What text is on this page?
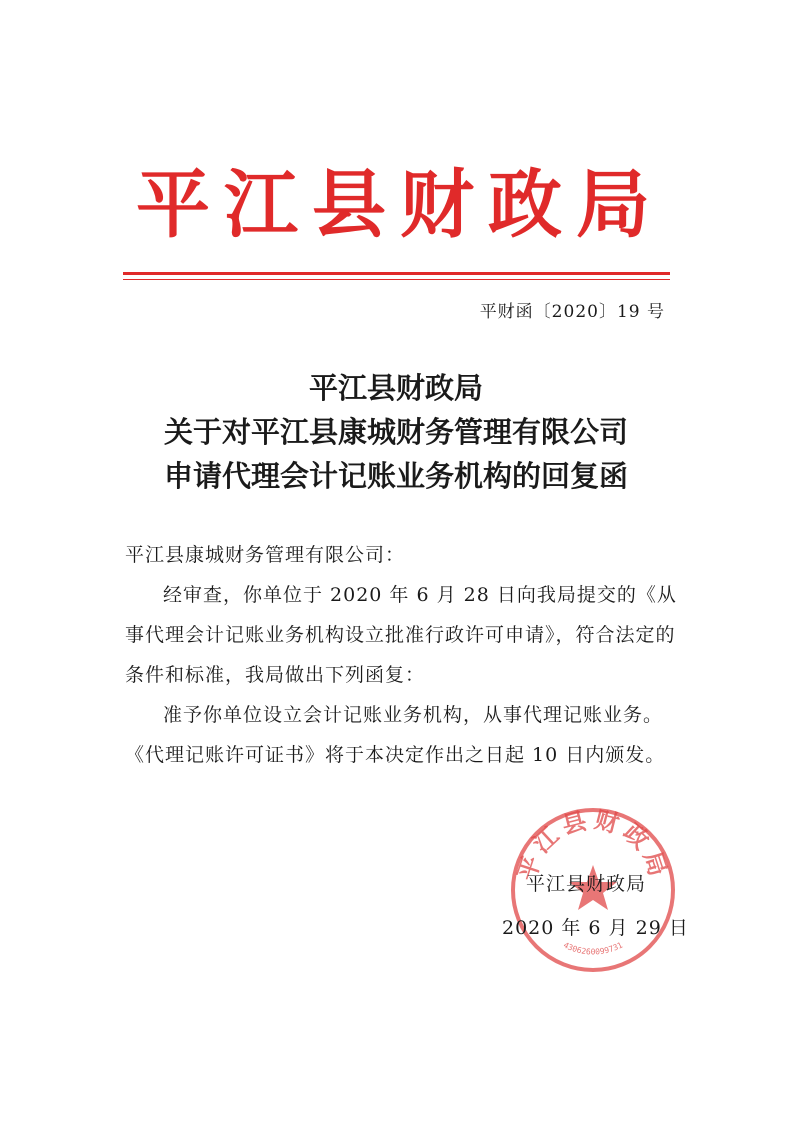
平江县财政局
平财函〔2020〕19 号
平江县财政局
关于对平江县康城财务管理有限公司
申请代理会计记账业务机构的回复函

平江县康城财务管理有限公司：

经审查，你单位于 2020 年 6 月 28 日向我局提交的《从事代理会计记账业务机构设立批准行政许可申请》，符合法定的条件和标准，我局做出下列函复：

准予你单位设立会计记账业务机构，从事代理记账业务。《代理记账许可证书》将于本决定作出之日起 10 日内颁发。

平江县财政局
4306260099731
平江县财政局
2020 年 6 月 29 日
